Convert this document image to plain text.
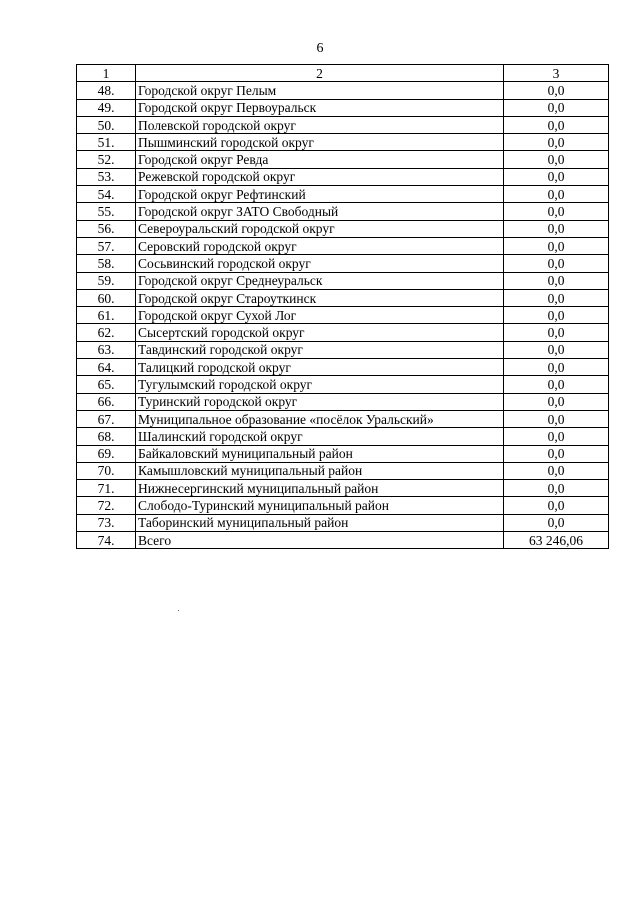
6
1	2	3
48.	Городской округ Пелым	0,0
49.	Городской округ Первоуральск	0,0
50.	Полевской городской округ	0,0
51.	Пышминский городской округ	0,0
52.	Городской округ Ревда	0,0
53.	Режевской городской округ	0,0
54.	Городской округ Рефтинский	0,0
55.	Городской округ ЗАТО Свободный	0,0
56.	Североуральский городской округ	0,0
57.	Серовский городской округ	0,0
58.	Сосьвинский городской округ	0,0
59.	Городской округ Среднеуральск	0,0
60.	Городской округ Староуткинск	0,0
61.	Городской округ Сухой Лог	0,0
62.	Сысертский городской округ	0,0
63.	Тавдинский городской округ	0,0
64.	Талицкий городской округ	0,0
65.	Тугулымский городской округ	0,0
66.	Туринский городской округ	0,0
67.	Муниципальное образование «посёлок Уральский»	0,0
68.	Шалинский городской округ	0,0
69.	Байкаловский муниципальный район	0,0
70.	Камышловский муниципальный район	0,0
71.	Нижнесергинский муниципальный район	0,0
72.	Слободо-Туринский муниципальный район	0,0
73.	Таборинский муниципальный район	0,0
74.	Всего	63 246,06
